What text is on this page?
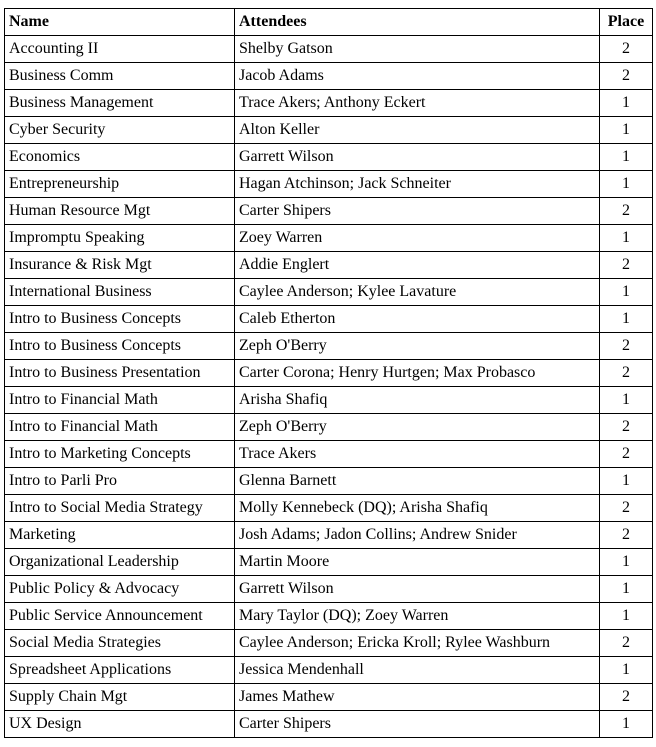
Name	Attendees	Place
Accounting II	Shelby Gatson	2
Business Comm	Jacob Adams	2
Business Management	Trace Akers; Anthony Eckert	1
Cyber Security	Alton Keller	1
Economics	Garrett Wilson	1
Entrepreneurship	Hagan Atchinson; Jack Schneiter	1
Human Resource Mgt	Carter Shipers	2
Impromptu Speaking	Zoey Warren	1
Insurance & Risk Mgt	Addie Englert	2
International Business	Caylee Anderson; Kylee Lavature	1
Intro to Business Concepts	Caleb Etherton	1
Intro to Business Concepts	Zeph O'Berry	2
Intro to Business Presentation	Carter Corona; Henry Hurtgen; Max Probasco	2
Intro to Financial Math	Arisha Shafiq	1
Intro to Financial Math	Zeph O'Berry	2
Intro to Marketing Concepts	Trace Akers	2
Intro to Parli Pro	Glenna Barnett	1
Intro to Social Media Strategy	Molly Kennebeck (DQ); Arisha Shafiq	2
Marketing	Josh Adams; Jadon Collins; Andrew Snider	2
Organizational Leadership	Martin Moore	1
Public Policy & Advocacy	Garrett Wilson	1
Public Service Announcement	Mary Taylor (DQ); Zoey Warren	1
Social Media Strategies	Caylee Anderson; Ericka Kroll; Rylee Washburn	2
Spreadsheet Applications	Jessica Mendenhall	1
Supply Chain Mgt	James Mathew	2
UX Design	Carter Shipers	1
